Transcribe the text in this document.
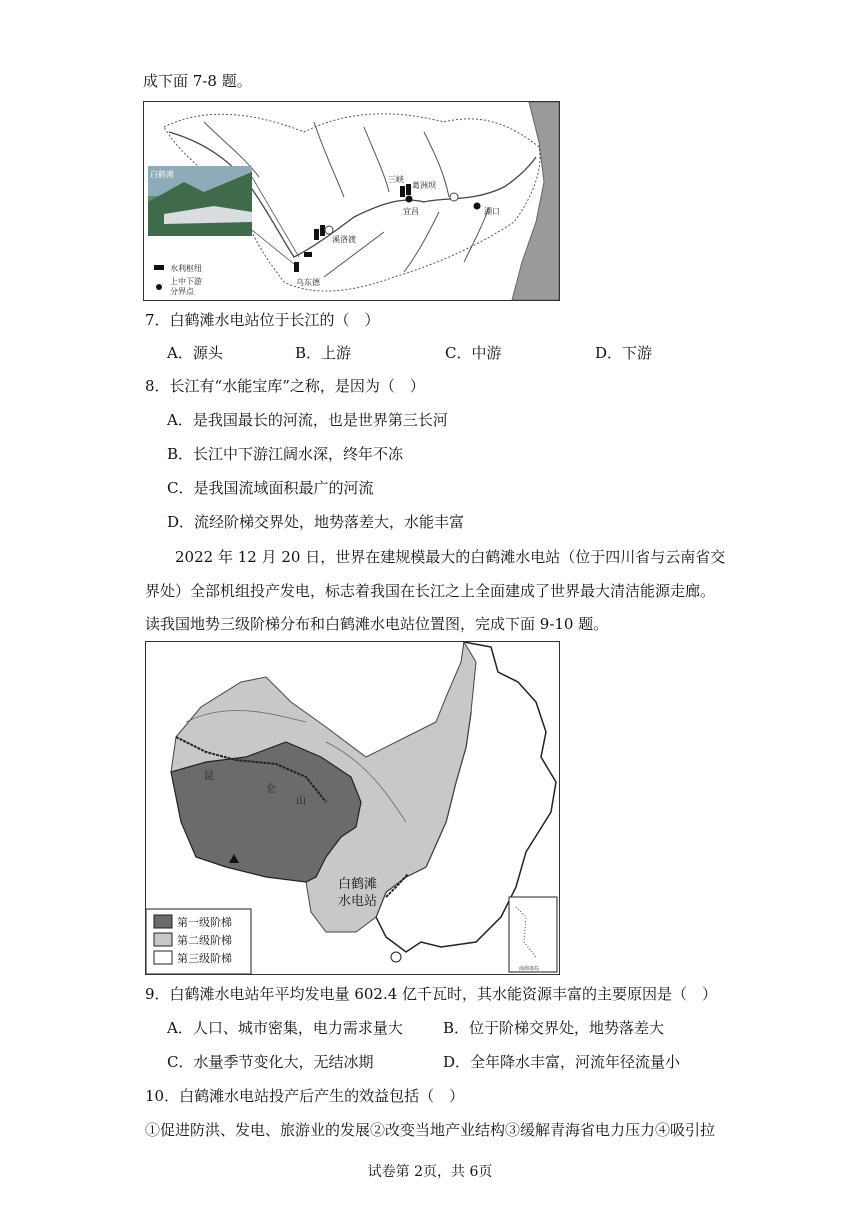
成下面 7-8 题。
白鹤滩
三峡
葛洲坝
宜昌	湖口
溪洛渡
乌东德
水利枢纽
上中下游
分界点
7．白鹤滩水电站位于长江的（　）
A．源头	B．上游	C．中游	D．下游
8．长江有“水能宝库”之称，是因为（　）
A．是我国最长的河流，也是世界第三长河
B．长江中下游江阔水深，终年不冻
C．是我国流域面积最广的河流
D．流经阶梯交界处，地势落差大，水能丰富
2022 年 12 月 20 日，世界在建规模最大的白鹤滩水电站（位于四川省与云南省交
界处）全部机组投产发电，标志着我国在长江之上全面建成了世界最大清洁能源走廊。
读我国地势三级阶梯分布和白鹤滩水电站位置图，完成下面 9-10 题。
昆
仑
山
白鹤滩
水电站
第一级阶梯
第二级阶梯
第三级阶梯
南海诸岛
9．白鹤滩水电站年平均发电量 602.4 亿千瓦时，其水能资源丰富的主要原因是（　）
A．人口、城市密集，电力需求量大	B．位于阶梯交界处，地势落差大
C．水量季节变化大，无结冰期	D．全年降水丰富，河流年径流量小
10．白鹤滩水电站投产后产生的效益包括（　）
①促进防洪、发电、旅游业的发展②改变当地产业结构③缓解青海省电力压力④吸引拉
试卷第 2页，共 6页
